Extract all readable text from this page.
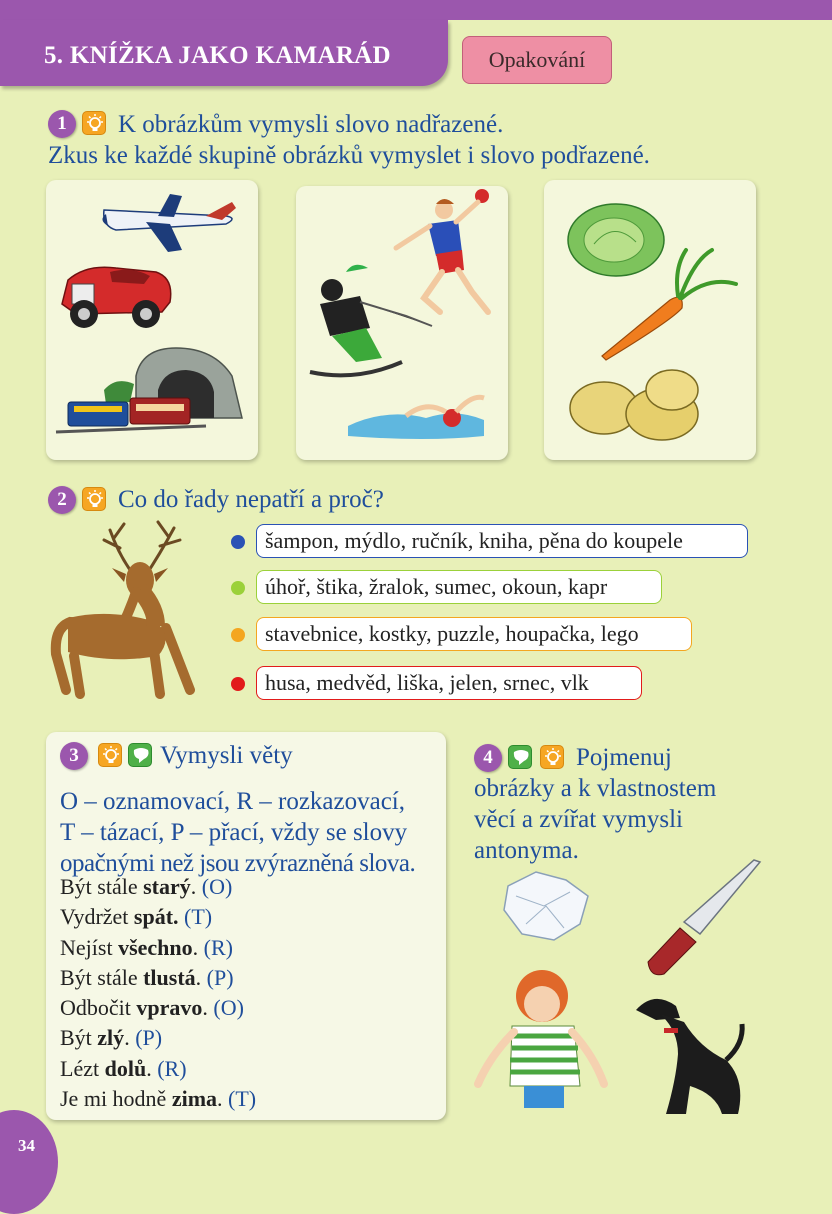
5. KNÍŽKA JAKO KAMARÁD	Opakování
1	K obrázkům vymysli slovo nadřazené.
Zkus ke každé skupině obrázků vymyslet i slovo podřazené.
2	Co do řady nepatří a proč?
šampon, mýdlo, ručník, kniha, pěna do koupele
úhoř, štika, žralok, sumec, okoun, kapr
stavebnice, kostky, puzzle, houpačka, lego
husa, medvěd, liška, jelen, srnec, vlk
3	Vymysli věty
O – oznamovací, R – rozkazovací,
T – tázací, P – přací, vždy se slovy
opačnými než jsou zvýrazněná slova.
Být stále starý. (O)
Vydržet spát. (T)
Nejíst všechno. (R)
Být stále tlustá. (P)
Odbočit vpravo. (O)
Být zlý. (P)
Lézt dolů. (R)
Je mi hodně zima. (T)
4	Pojmenuj
obrázky a k vlastnostem
věcí a zvířat vymysli
antonyma.
34
